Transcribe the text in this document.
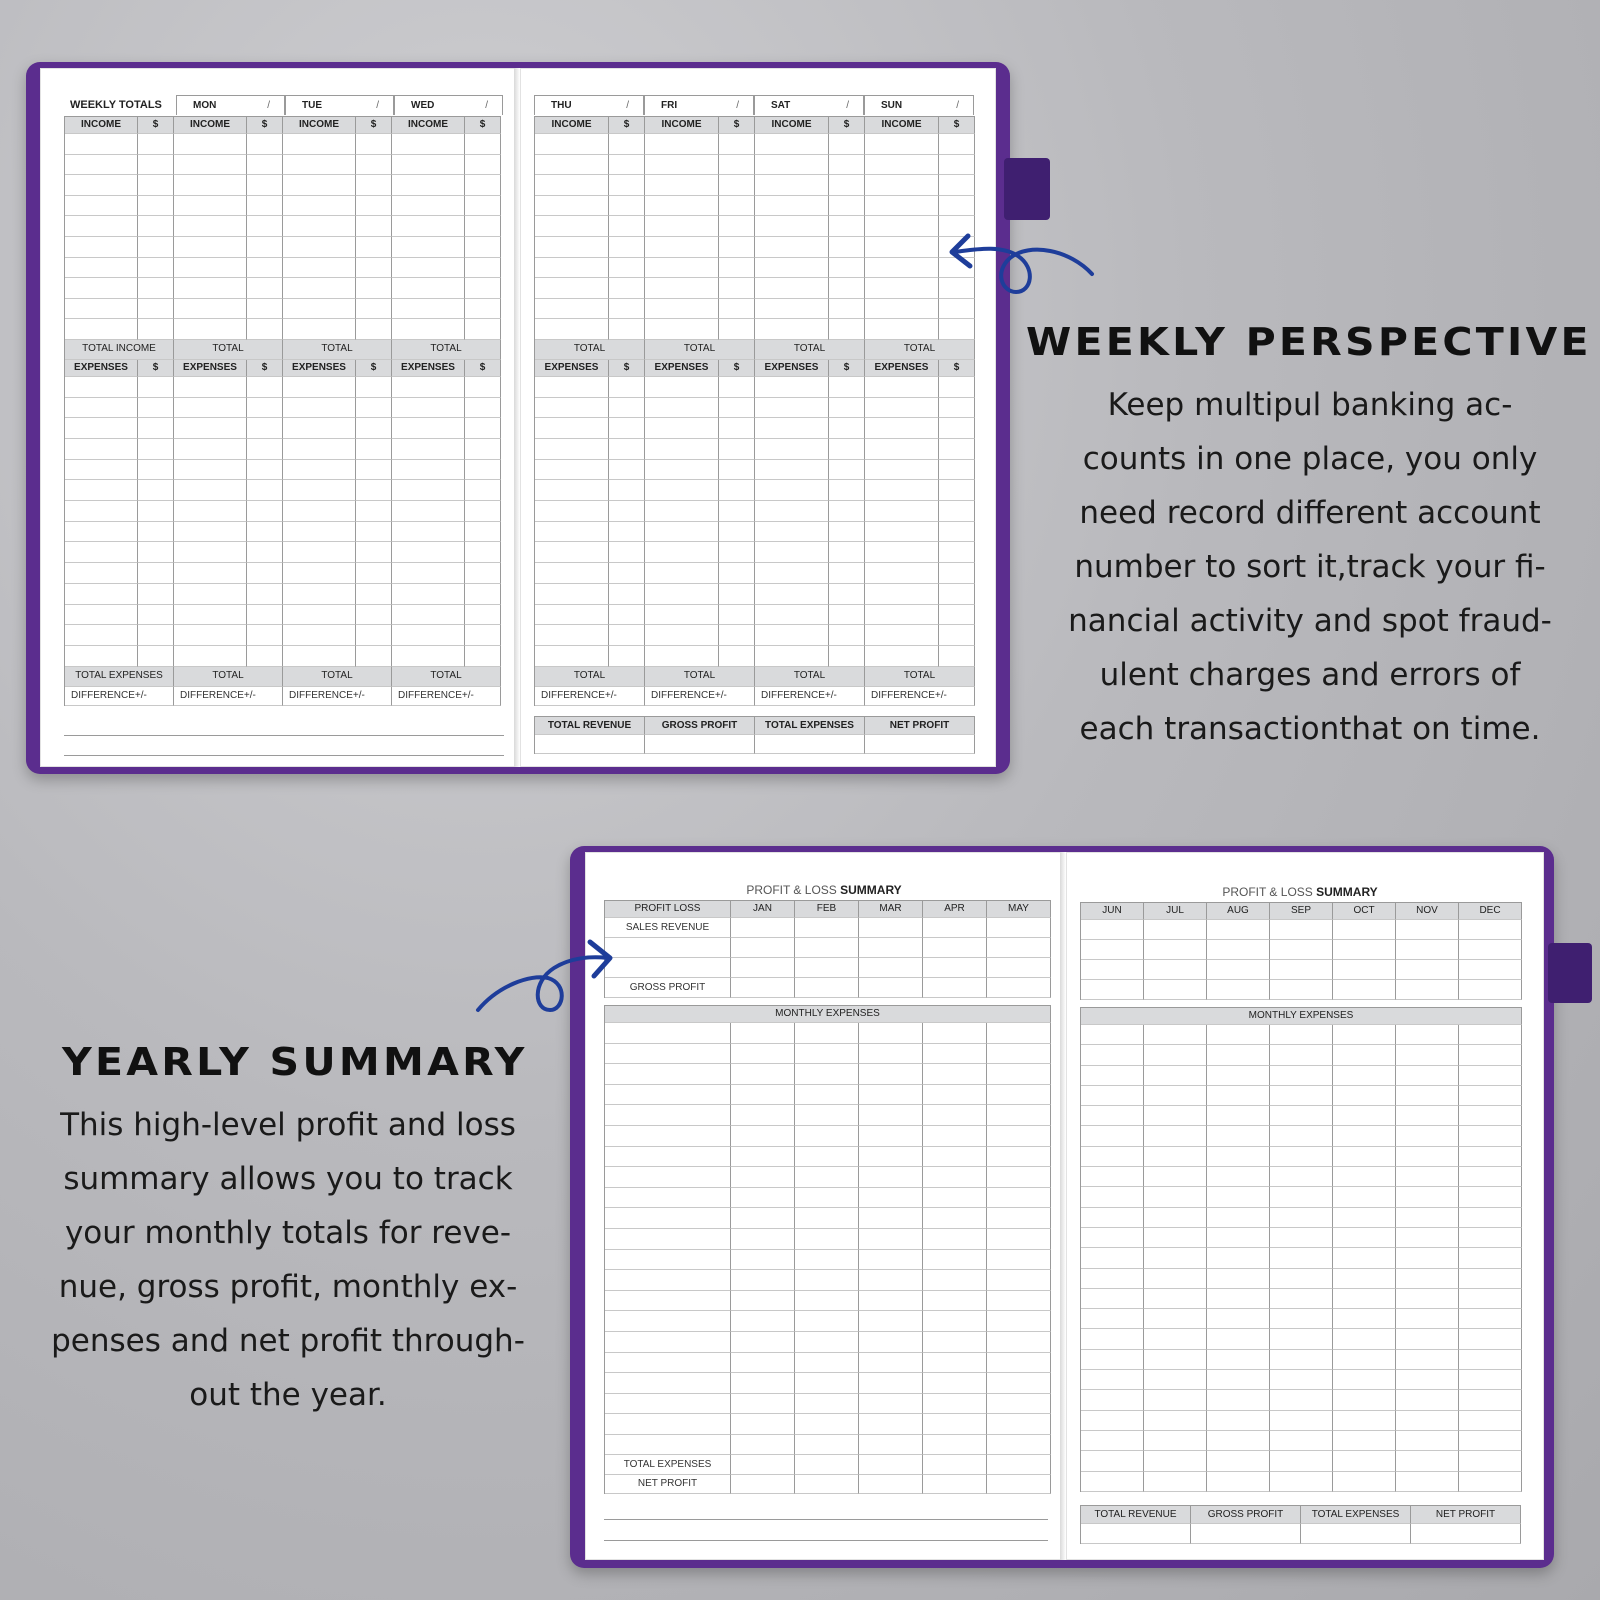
WEEKLY TOTALS	MON	/	TUE	/	WED	/	THU	/	FRI	/	SAT	/	SUN	/
INCOME	$	INCOME	$	INCOME	$	INCOME	$
TOTAL INCOME	TOTAL	TOTAL	TOTAL
EXPENSES	$	EXPENSES	$	EXPENSES	$	EXPENSES	$
TOTAL EXPENSES	TOTAL	TOTAL	TOTAL
DIFFERENCE+/-	DIFFERENCE+/-	DIFFERENCE+/-	DIFFERENCE+/-
INCOME	$	INCOME	$	INCOME	$	INCOME	$
TOTAL	TOTAL	TOTAL	TOTAL
EXPENSES	$	EXPENSES	$	EXPENSES	$	EXPENSES	$
TOTAL	TOTAL	TOTAL	TOTAL
DIFFERENCE+/-	DIFFERENCE+/-	DIFFERENCE+/-	DIFFERENCE+/-
TOTAL REVENUE	GROSS PROFIT	TOTAL EXPENSES	NET PROFIT
PROFIT & LOSS SUMMARY	PROFIT & LOSS SUMMARY
PROFIT LOSS	JAN	FEB	MAR	APR	MAY
SALES REVENUE
GROSS PROFIT
MONTHLY EXPENSES
TOTAL EXPENSES
NET PROFIT
JUN	JUL	AUG	SEP	OCT	NOV	DEC
MONTHLY EXPENSES
TOTAL REVENUE	GROSS PROFIT	TOTAL EXPENSES	NET PROFIT
WEEKLY PERSPECTIVE
Keep multipul banking ac-
counts in one place, you only
need record different account
number to sort it,track your fi-
nancial activity and spot fraud-
ulent charges and errors of
each transactionthat on time.
YEARLY SUMMARY
This high-level profit and loss
summary allows you to track
your monthly totals for reve-
nue, gross profit, monthly ex-
penses and net profit through-
out the year.
